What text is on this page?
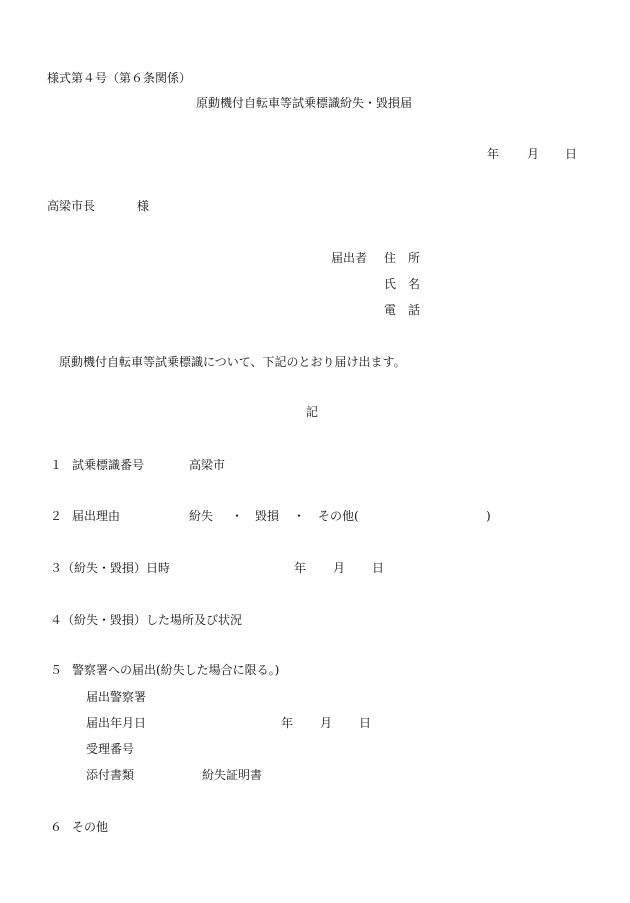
様式第４号（第６条関係）
原動機付自転車等試乗標識紛失・毀損届
年 月 日
高梁市長	様
届出者 住　所
氏　名
電　話
原動機付自転車等試乗標識について、下記のとおり届け出ます。
記
１ 試乗標識番号	高梁市
２ 届出理由	紛失 ・ 毀損 ・ その他(	)
３ （紛失・毀損）日時	年 月 日
４ （紛失・毀損）した場所及び状況
５ 警察署への届出(紛失した場合に限る。)
届出警察署
届出年月日	年 月 日
受理番号
添付書類	紛失証明書
６ その他
